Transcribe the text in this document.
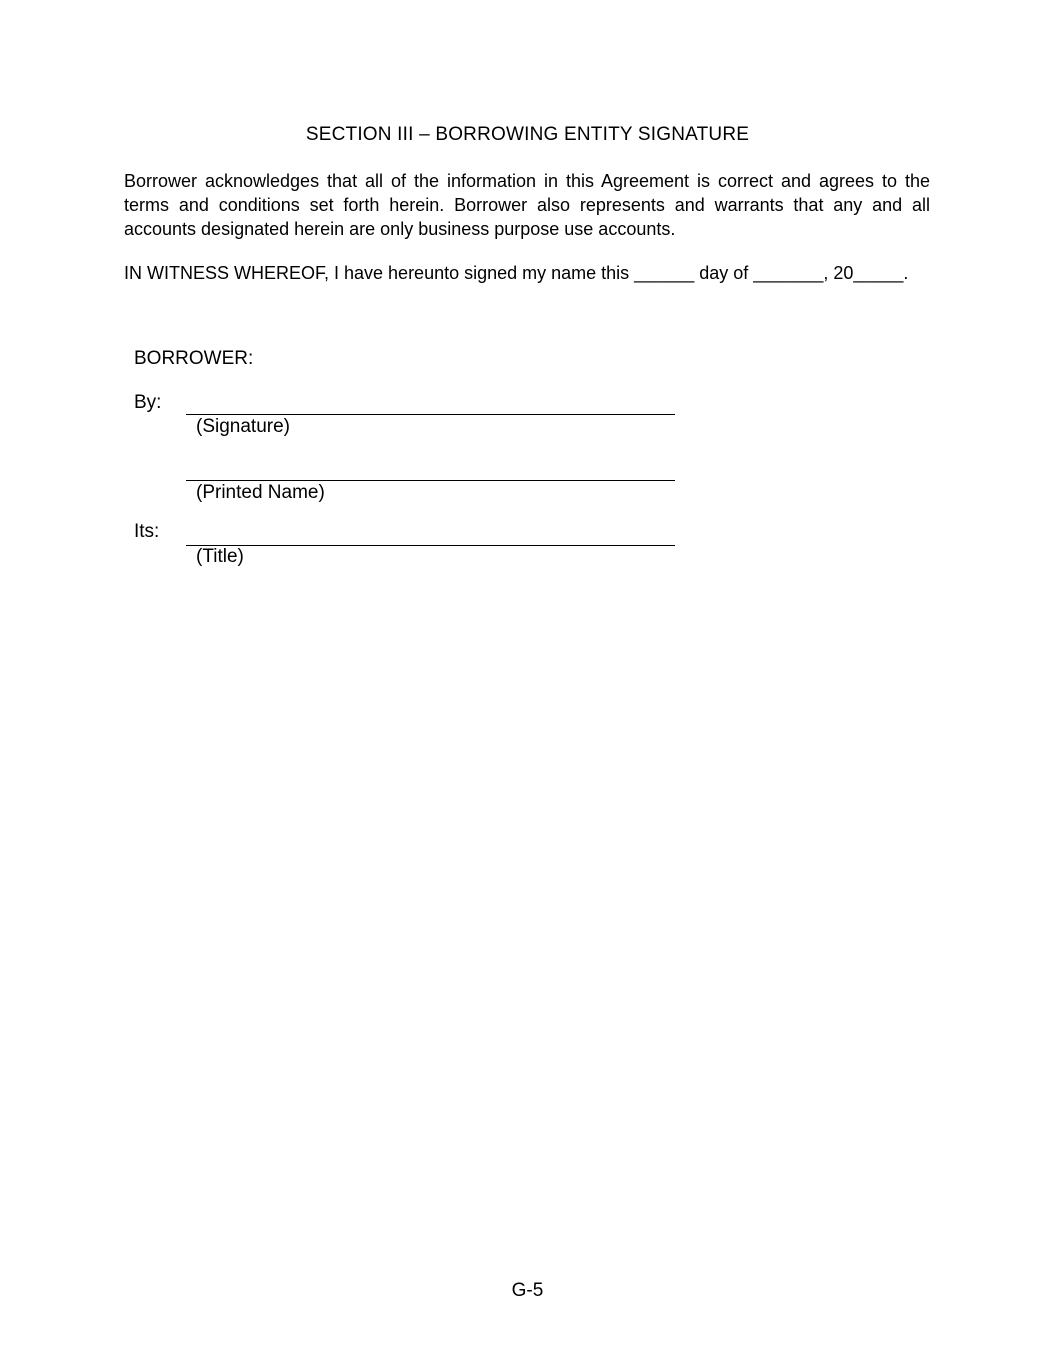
SECTION III – BORROWING ENTITY SIGNATURE
Borrower acknowledges that all of the information in this Agreement is correct and agrees to the terms and conditions set forth herein. Borrower also represents and warrants that any and all accounts designated herein are only business purpose use accounts.
IN WITNESS WHEREOF, I have hereunto signed my name this ______ day of _______, 20_____.
BORROWER:
By:
(Signature)
(Printed Name)
Its:
(Title)
G-5
